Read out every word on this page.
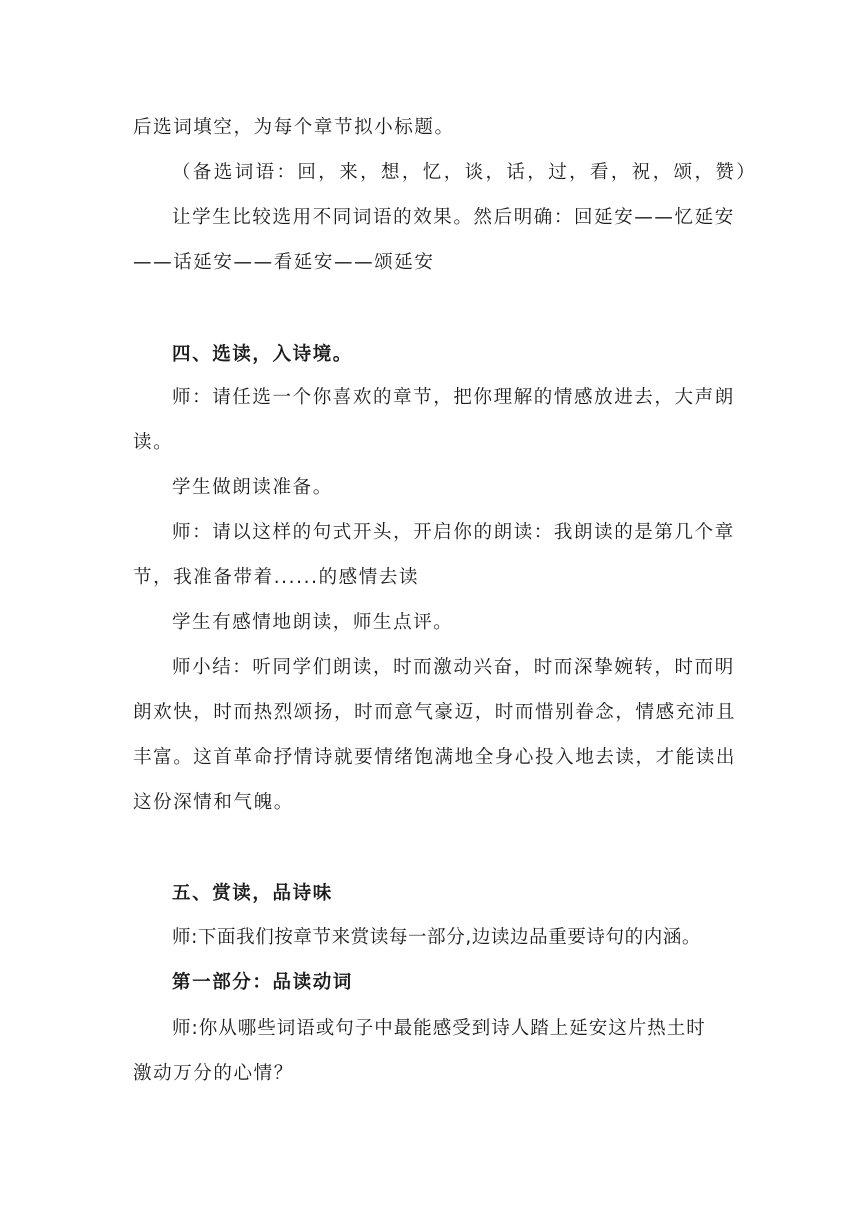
后选词填空，为每个章节拟小标题。
（备选词语：回，来，想，忆，谈，话，过，看，祝，颂，赞）
让学生比较选用不同词语的效果。然后明确：回延安——忆延安
——话延安——看延安——颂延安
四、选读，入诗境。
师：请任选一个你喜欢的章节，把你理解的情感放进去，大声朗
读。
学生做朗读准备。
师：请以这样的句式开头，开启你的朗读：我朗读的是第几个章
节，我准备带着......的感情去读
学生有感情地朗读，师生点评。
师小结：听同学们朗读，时而激动兴奋，时而深挚婉转，时而明
朗欢快，时而热烈颂扬，时而意气豪迈，时而惜别眷念，情感充沛且
丰富。这首革命抒情诗就要情绪饱满地全身心投入地去读，才能读出
这份深情和气魄。
五、赏读，品诗味
师:下面我们按章节来赏读每一部分,边读边品重要诗句的内涵。
第一部分：品读动词
师:你从哪些词语或句子中最能感受到诗人踏上延安这片热土时
激动万分的心情？
